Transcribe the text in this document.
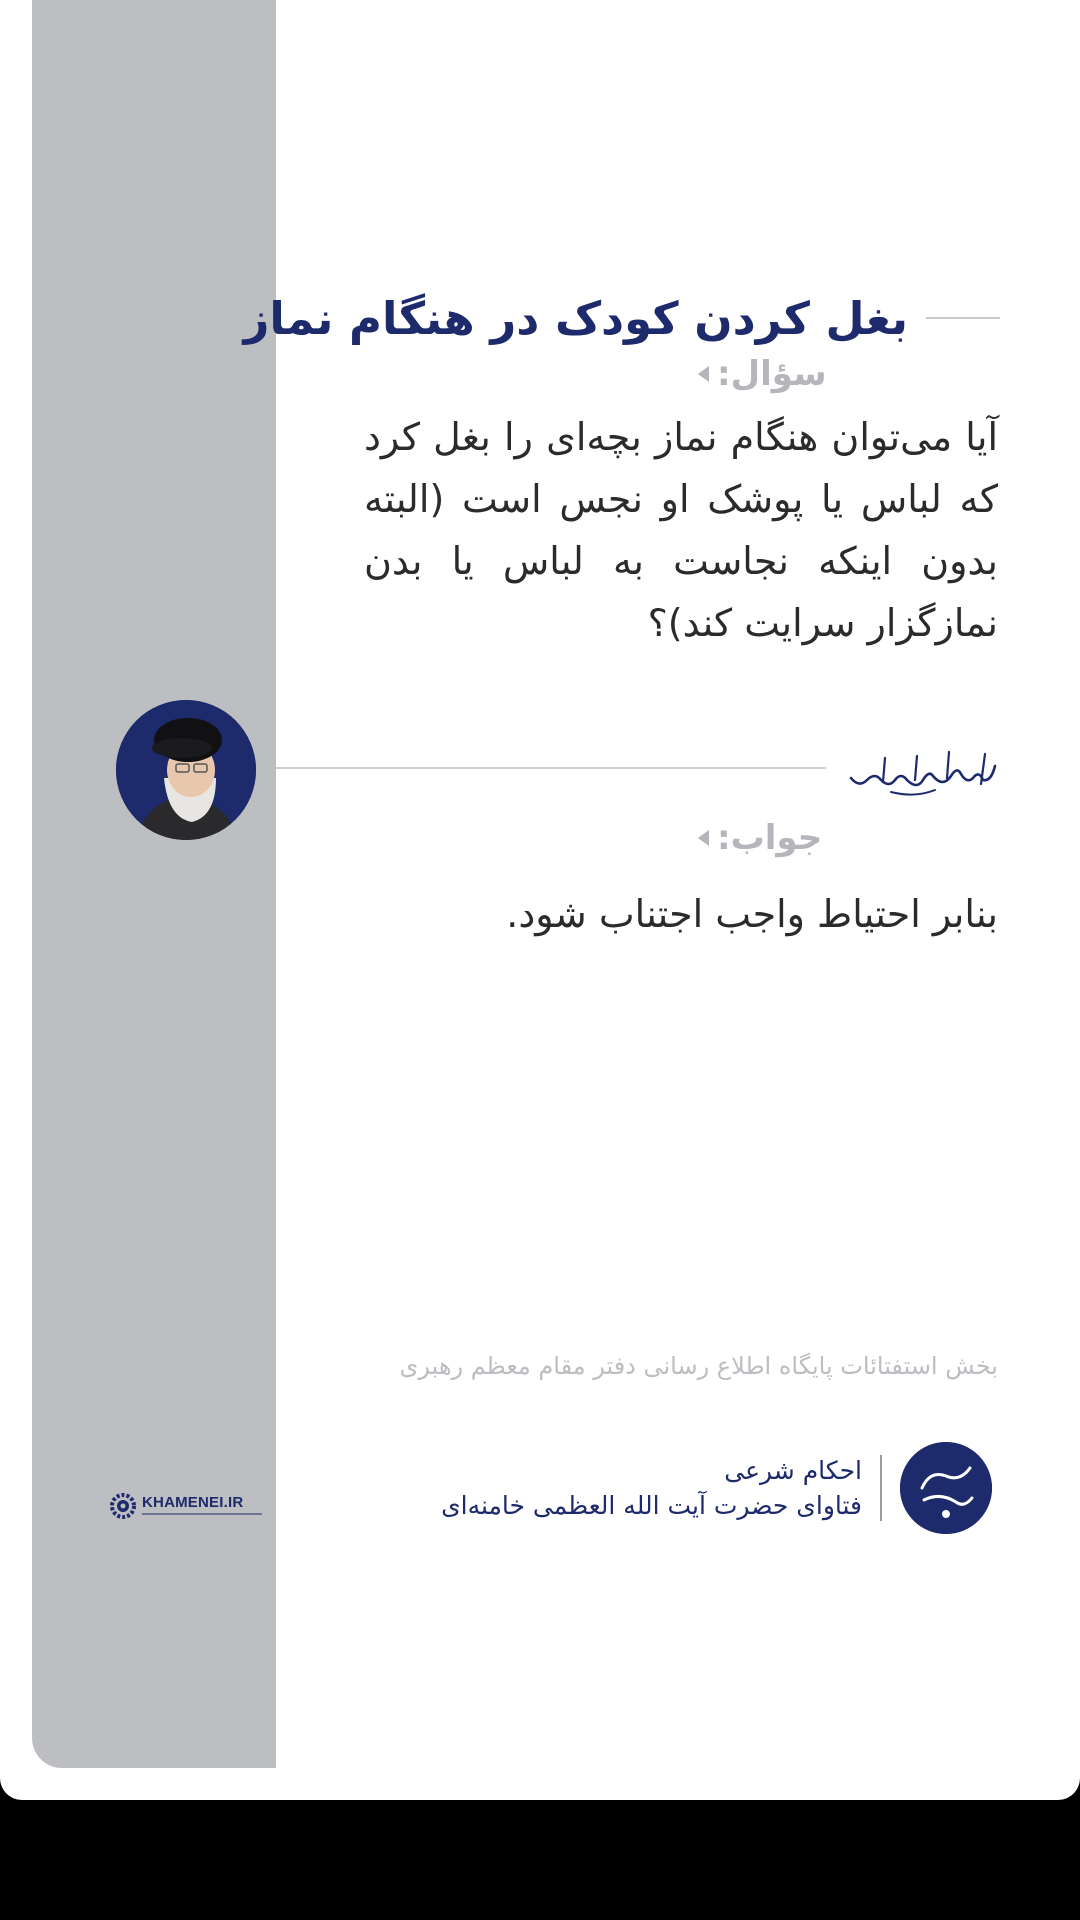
KHAMENEI.IR
بغل کردن کودک در هنگام نماز
سؤال:

آیا می‌توان هنگام نماز بچه‌ای را بغل کرد که لباس یا پوشک او نجس است (البته بدون اینکه نجاست به لباس یا بدن نمازگزار سرایت کند)؟

جواب:

بنابر احتیاط واجب اجتناب شود.

بخش استفتائات پایگاه اطلاع رسانی دفتر مقام معظم رهبری

احکام شرعی
فتاوای حضرت آیت الله العظمی خامنه‌ای
